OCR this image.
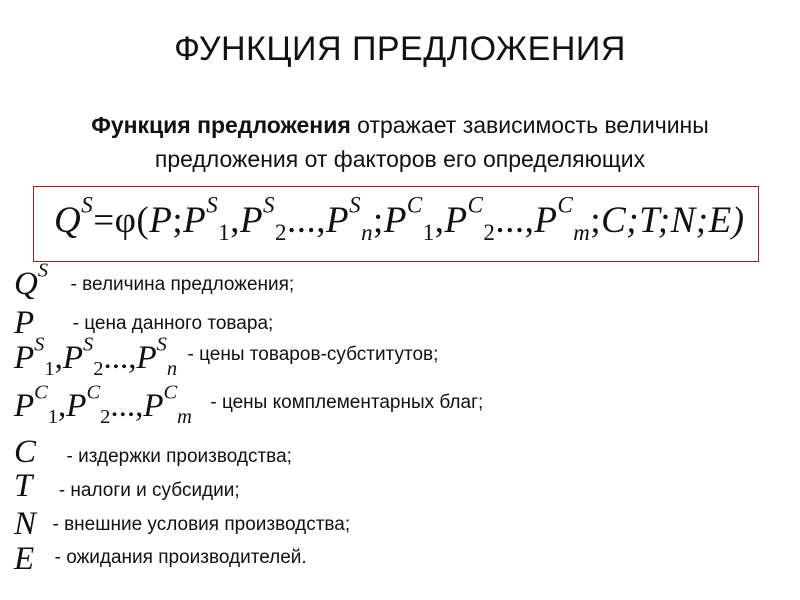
ФУНКЦИЯ ПРЕДЛОЖЕНИЯ
Функция предложения отражает зависимость величины
предложения от факторов его определяющих
$Q^S=\varphi(P;P^S_1,P^S_2...,P^S_n;P^C_1,P^C_2...,P^C_m;C;T;N;E)$
$Q^S$ - величина предложения;
P - цена данного товара;
$P^S_1,P^S_2...,P^S_n$ - цены товаров-субститутов;
$P^C_1,P^C_2...,P^C_m$ - цены комплементарных благ;
C - издержки производства;
T - налоги и субсидии;
N - внешние условия производства;
E - ожидания производителей.
